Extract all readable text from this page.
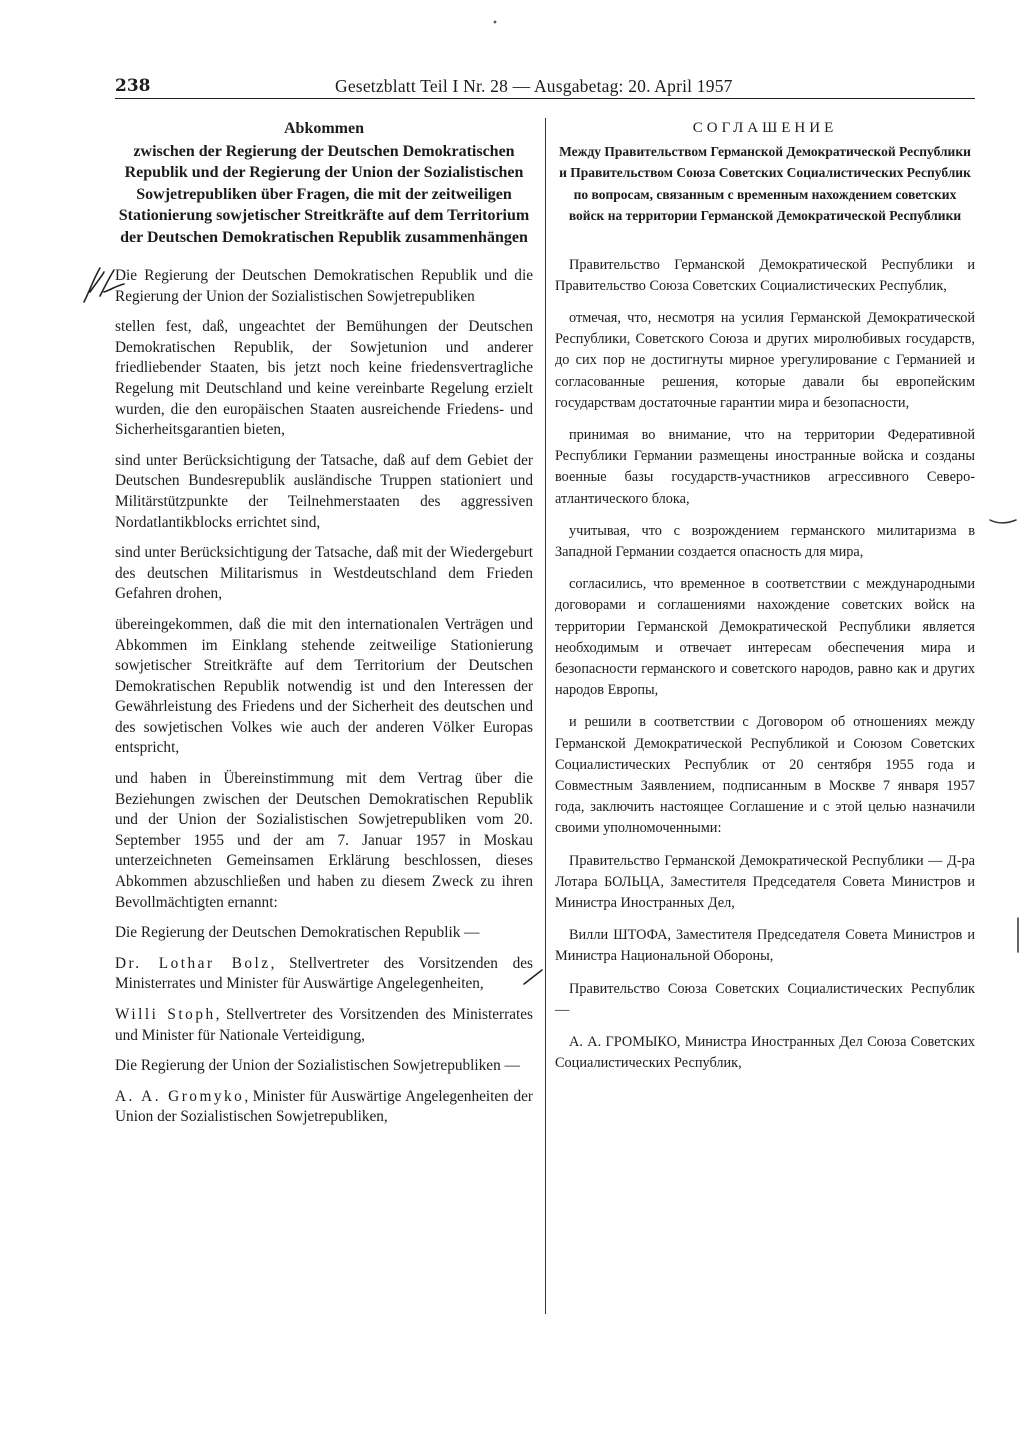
238	Gesetzblatt Teil I Nr. 28 — Ausgabetag: 20. April 1957
Abkommen
zwischen der Regierung der Deutschen Demokratischen Republik und der Regierung der Union der Sozialistischen Sowjetrepubliken über Fragen, die mit der zeitweiligen Stationierung sowjetischer Streitkräfte auf dem Territorium der Deutschen Demokratischen Republik zusammenhängen

Die Regierung der Deutschen Demokratischen Republik und die Regierung der Union der Sozialistischen Sowjetrepubliken

stellen fest, daß, ungeachtet der Bemühungen der Deutschen Demokratischen Republik, der Sowjetunion und anderer friedliebender Staaten, bis jetzt noch keine friedensvertragliche Regelung mit Deutschland und keine vereinbarte Regelung erzielt wurden, die den europäischen Staaten ausreichende Friedens- und Sicherheitsgarantien bieten,

sind unter Berücksichtigung der Tatsache, daß auf dem Gebiet der Deutschen Bundesrepublik ausländische Truppen stationiert und Militärstützpunkte der Teilnehmerstaaten des aggressiven Nordatlantikblocks errichtet sind,

sind unter Berücksichtigung der Tatsache, daß mit der Wiedergeburt des deutschen Militarismus in Westdeutschland dem Frieden Gefahren drohen,

übereingekommen, daß die mit den internationalen Verträgen und Abkommen im Einklang stehende zeitweilige Stationierung sowjetischer Streitkräfte auf dem Territorium der Deutschen Demokratischen Republik notwendig ist und den Interessen der Gewährleistung des Friedens und der Sicherheit des deutschen und des sowjetischen Volkes wie auch der anderen Völker Europas entspricht,

und haben in Übereinstimmung mit dem Vertrag über die Beziehungen zwischen der Deutschen Demokratischen Republik und der Union der Sozialistischen Sowjetrepubliken vom 20. September 1955 und der am 7. Januar 1957 in Moskau unterzeichneten Gemeinsamen Erklärung beschlossen, dieses Abkommen abzuschließen und haben zu diesem Zweck zu ihren Bevollmächtigten ernannt:

Die Regierung der Deutschen Demokratischen Republik —

Dr. Lothar Bolz, Stellvertreter des Vorsitzenden des Ministerrates und Minister für Auswärtige Angelegenheiten,

Willi Stoph, Stellvertreter des Vorsitzenden des Ministerrates und Minister für Nationale Verteidigung,

Die Regierung der Union der Sozialistischen Sowjetrepubliken —

A. A. Gromyko, Minister für Auswärtige Angelegenheiten der Union der Sozialistischen Sowjetrepubliken,

СОГЛАШЕНИЕ
Между Правительством Германской Демократической Республики и Правительством Союза Советских Социалистических Республик по вопросам, связанным с временным нахождением советских войск на территории Германской Демократической Республики

Правительство Германской Демократической Республики и Правительство Союза Советских Социалистических Республик,

отмечая, что, несмотря на усилия Германской Демократической Республики, Советского Союза и других миролюбивых государств, до сих пор не достигнуты мирное урегулирование с Германией и согласованные решения, которые давали бы европейским государствам достаточные гарантии мира и безопасности,

принимая во внимание, что на территории Федеративной Республики Германии размещены иностранные войска и созданы военные базы государств-участников агрессивного Северо-атлантического блока,

учитывая, что с возрождением германского милитаризма в Западной Германии создается опасность для мира,

согласились, что временное в соответствии с международными договорами и соглашениями нахождение советских войск на территории Германской Демократической Республики является необходимым и отвечает интересам обеспечения мира и безопасности германского и советского народов, равно как и других народов Европы,

и решили в соответствии с Договором об отношениях между Германской Демократической Республикой и Союзом Советских Социалистических Республик от 20 сентября 1955 года и Совместным Заявлением, подписанным в Москве 7 января 1957 года, заключить настоящее Соглашение и с этой целью назначили своими уполномоченными:

Правительство Германской Демократической Республики — Д-ра Лотара БОЛЬЦА, Заместителя Председателя Совета Министров и Министра Иностранных Дел,

Вилли ШТОФА, Заместителя Председателя Совета Министров и Министра Национальной Обороны,

Правительство Союза Советских Социалистических Республик —

А. А. ГРОМЫКО, Министра Иностранных Дел Союза Советских Социалистических Республик,
